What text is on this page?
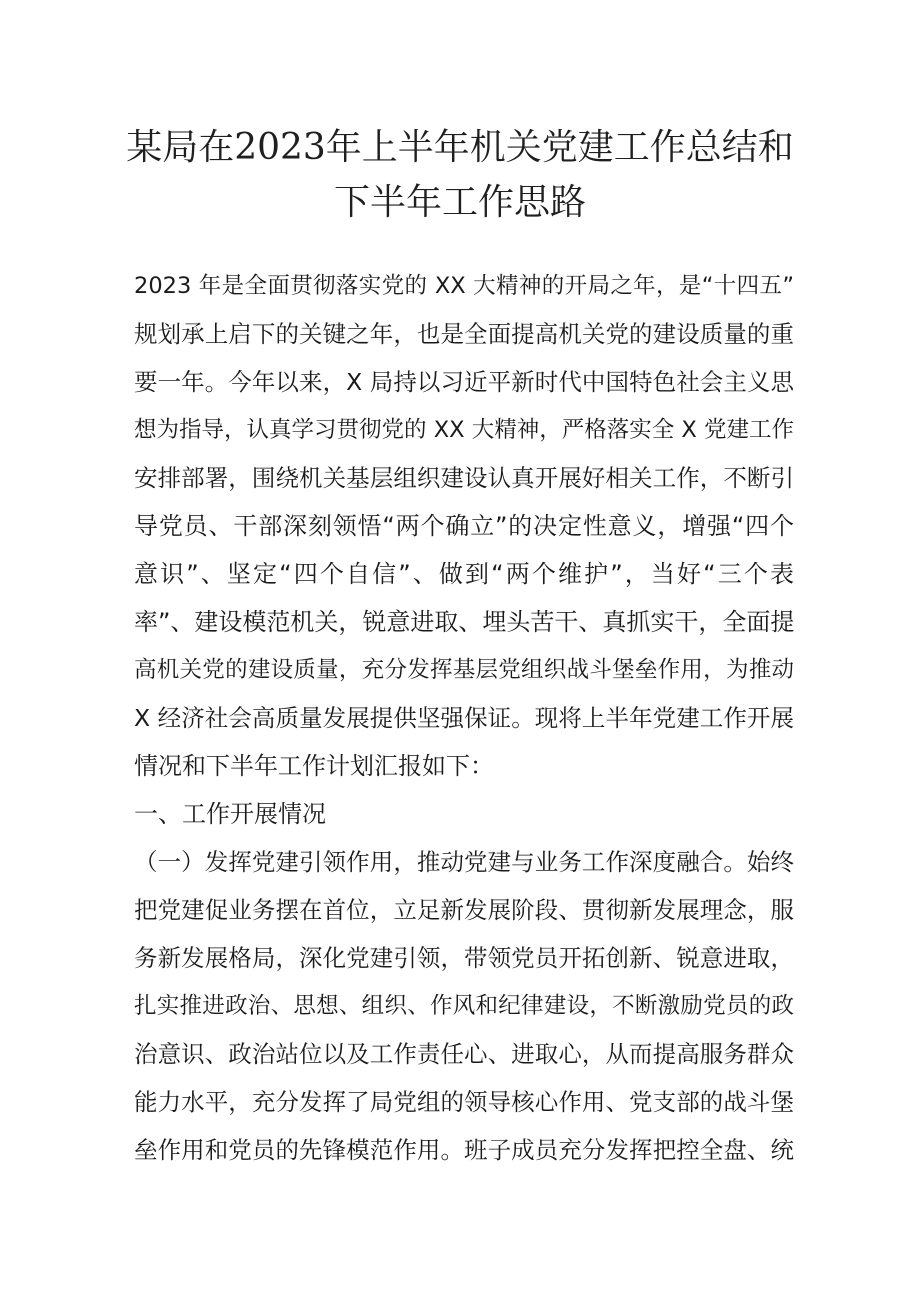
某局在2023年上半年机关党建工作总结和
下半年工作思路
2023 年是全面贯彻落实党的 XX 大精神的开局之年，是“十四五”
规划承上启下的关键之年，也是全面提高机关党的建设质量的重
要一年。今年以来，X 局持以习近平新时代中国特色社会主义思
想为指导，认真学习贯彻党的 XX 大精神，严格落实全 X 党建工作
安排部署，围绕机关基层组织建设认真开展好相关工作，不断引
导党员、干部深刻领悟“两个确立”的决定性意义，增强“四个
意识”、坚定“四个自信”、做到“两个维护”，当好“三个表
率”、建设模范机关，锐意进取、埋头苦干、真抓实干，全面提
高机关党的建设质量，充分发挥基层党组织战斗堡垒作用，为推动
X 经济社会高质量发展提供坚强保证。现将上半年党建工作开展
情况和下半年工作计划汇报如下：
一、工作开展情况
（一）发挥党建引领作用，推动党建与业务工作深度融合。始终
把党建促业务摆在首位，立足新发展阶段、贯彻新发展理念，服
务新发展格局，深化党建引领，带领党员开拓创新、锐意进取，
扎实推进政治、思想、组织、作风和纪律建设，不断激励党员的政
治意识、政治站位以及工作责任心、进取心，从而提高服务群众
能力水平，充分发挥了局党组的领导核心作用、党支部的战斗堡
垒作用和党员的先锋模范作用。班子成员充分发挥把控全盘、统
